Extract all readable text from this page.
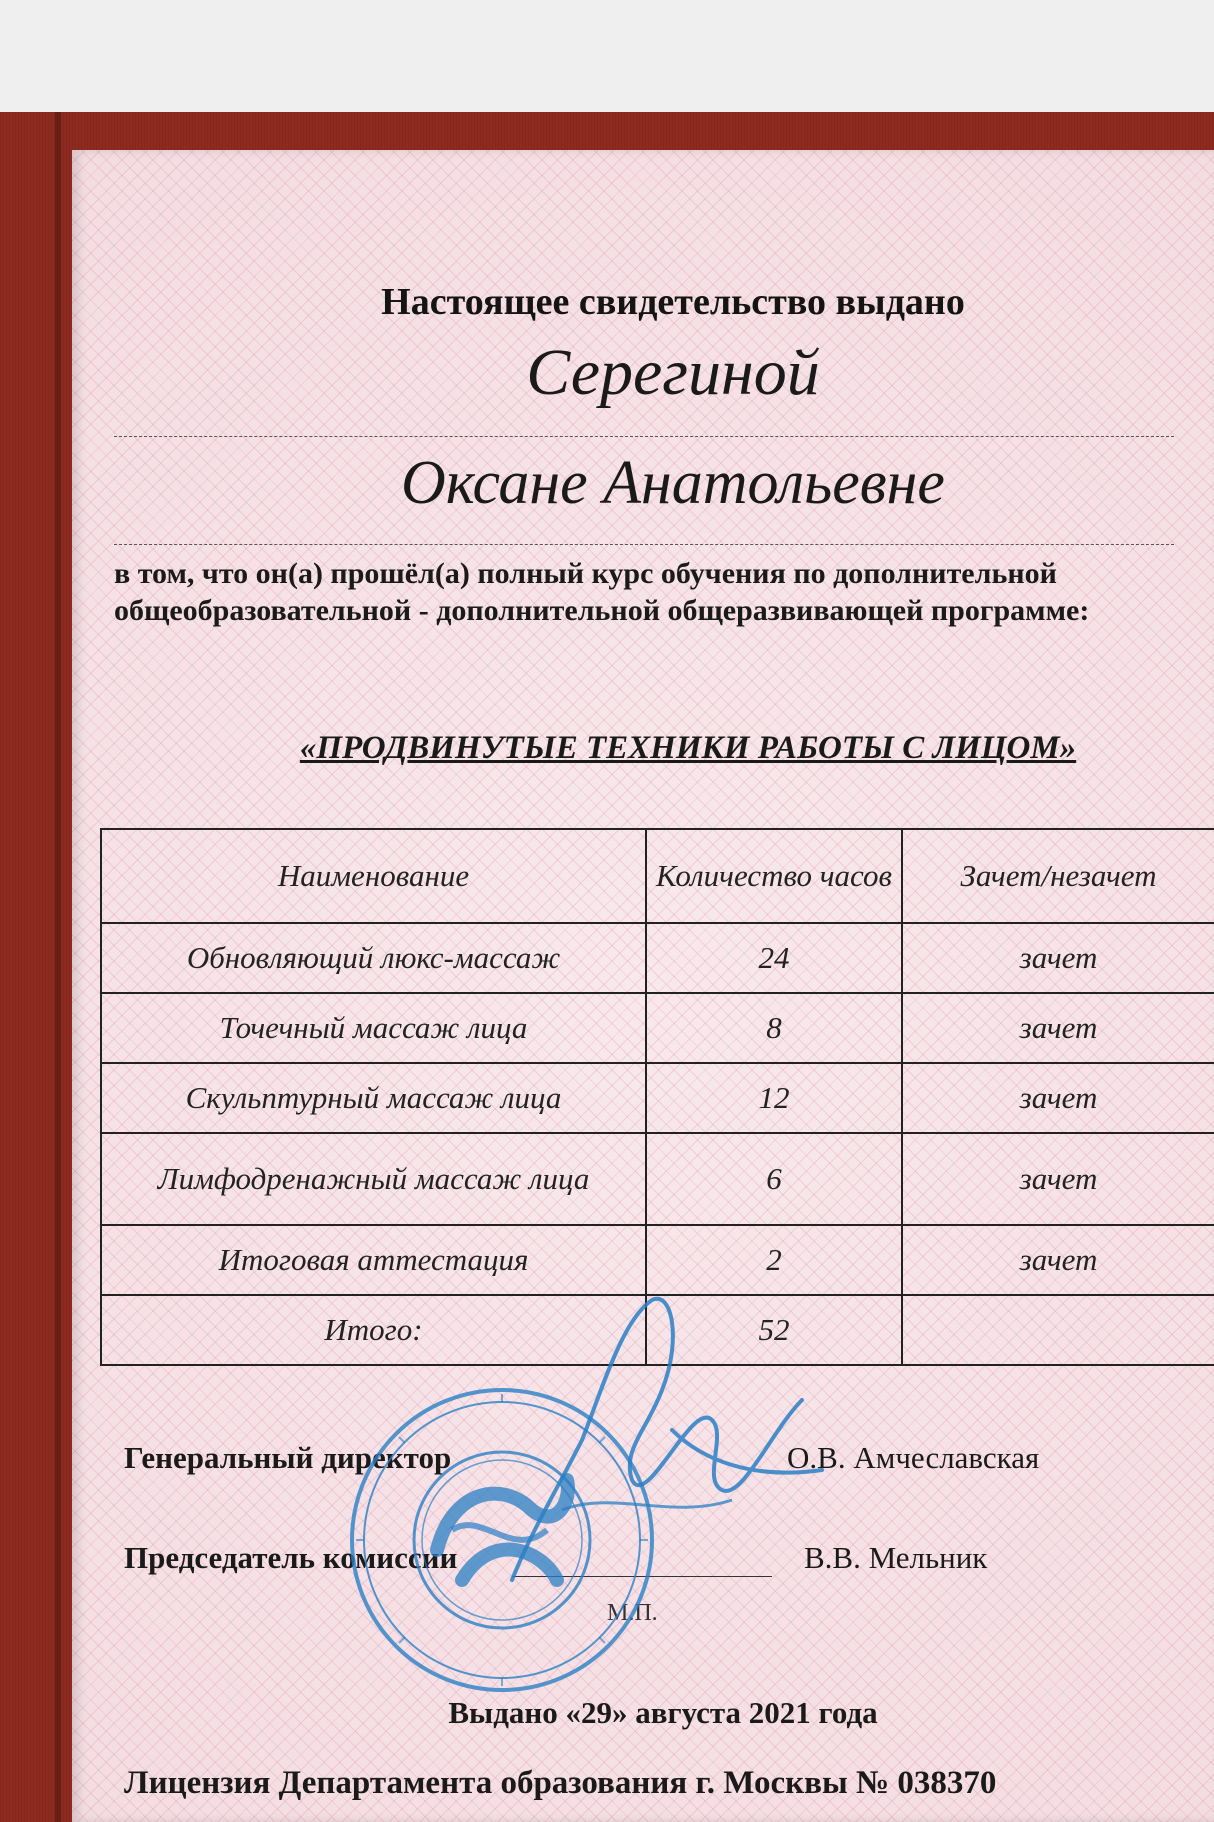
Настоящее свидетельство выдано
Серегиной
Оксане Анатольевне
в том, что он(а) прошёл(а) полный курс обучения по дополнительной общеобразовательной - дополнительной общеразвивающей программе:
«ПРОДВИНУТЫЕ ТЕХНИКИ РАБОТЫ С ЛИЦОМ»
Наименование	Количество часов	Зачет/незачет
Обновляющий люкс-массаж	24	зачет
Точечный массаж лица	8	зачет
Скульптурный массаж лица	12	зачет
Лимфодренажный массаж лица	6	зачет
Итоговая аттестация	2	зачет
Итого:	52	
Генеральный директор	О.В. Амчеславская
Председатель комиссии	В.В. Мельник
М.П.
Выдано «29» августа 2021 года
Лицензия Департамента образования г. Москвы № 038370
